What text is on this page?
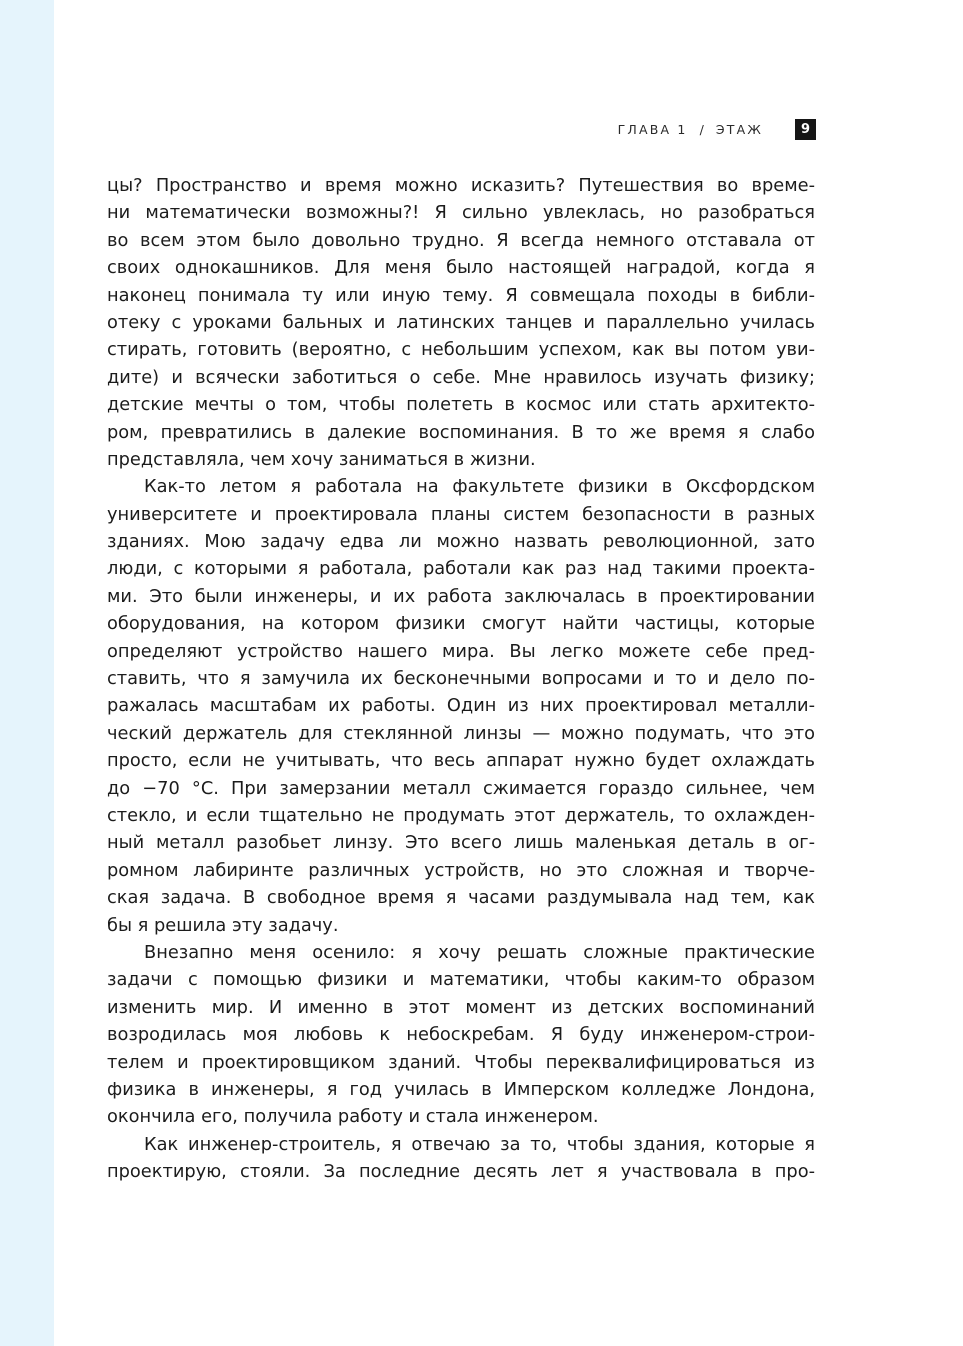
ГЛАВА 1 / ЭТАЖ	9
цы? Пространство и время можно исказить? Путешествия во време-
ни математически возможны?! Я сильно увлеклась, но разобраться
во всем этом было довольно трудно. Я всегда немного отставала от
своих однокашников. Для меня было настоящей наградой, когда я
наконец понимала ту или иную тему. Я совмещала походы в библи-
отеку с уроками бальных и латинских танцев и параллельно училась
стирать, готовить (вероятно, с небольшим успехом, как вы потом уви-
дите) и всячески заботиться о себе. Мне нравилось изучать физику;
детские мечты о том, чтобы полететь в космос или стать архитекто-
ром, превратились в далекие воспоминания. В то же время я слабо
представляла, чем хочу заниматься в жизни.
Как-то летом я работала на факультете физики в Оксфордском
университете и проектировала планы систем безопасности в разных
зданиях. Мою задачу едва ли можно назвать революционной, зато
люди, с которыми я работала, работали как раз над такими проекта-
ми. Это были инженеры, и их работа заключалась в проектировании
оборудования, на котором физики смогут найти частицы, которые
определяют устройство нашего мира. Вы легко можете себе пред-
ставить, что я замучила их бесконечными вопросами и то и дело по-
ражалась масштабам их работы. Один из них проектировал металли-
ческий держатель для стеклянной линзы — можно подумать, что это
просто, если не учитывать, что весь аппарат нужно будет охлаждать
до −70 °С. При замерзании металл сжимается гораздо сильнее, чем
стекло, и если тщательно не продумать этот держатель, то охлажден-
ный металл разобьет линзу. Это всего лишь маленькая деталь в ог-
ромном лабиринте различных устройств, но это сложная и творче-
ская задача. В свободное время я часами раздумывала над тем, как
бы я решила эту задачу.
Внезапно меня осенило: я хочу решать сложные практические
задачи с помощью физики и математики, чтобы каким-то образом
изменить мир. И именно в этот момент из детских воспоминаний
возродилась моя любовь к небоскребам. Я буду инженером-строи-
телем и проектировщиком зданий. Чтобы переквалифицироваться из
физика в инженеры, я год училась в Имперском колледже Лондона,
окончила его, получила работу и стала инженером.
Как инженер-строитель, я отвечаю за то, чтобы здания, которые я
проектирую, стояли. За последние десять лет я участвовала в про-
